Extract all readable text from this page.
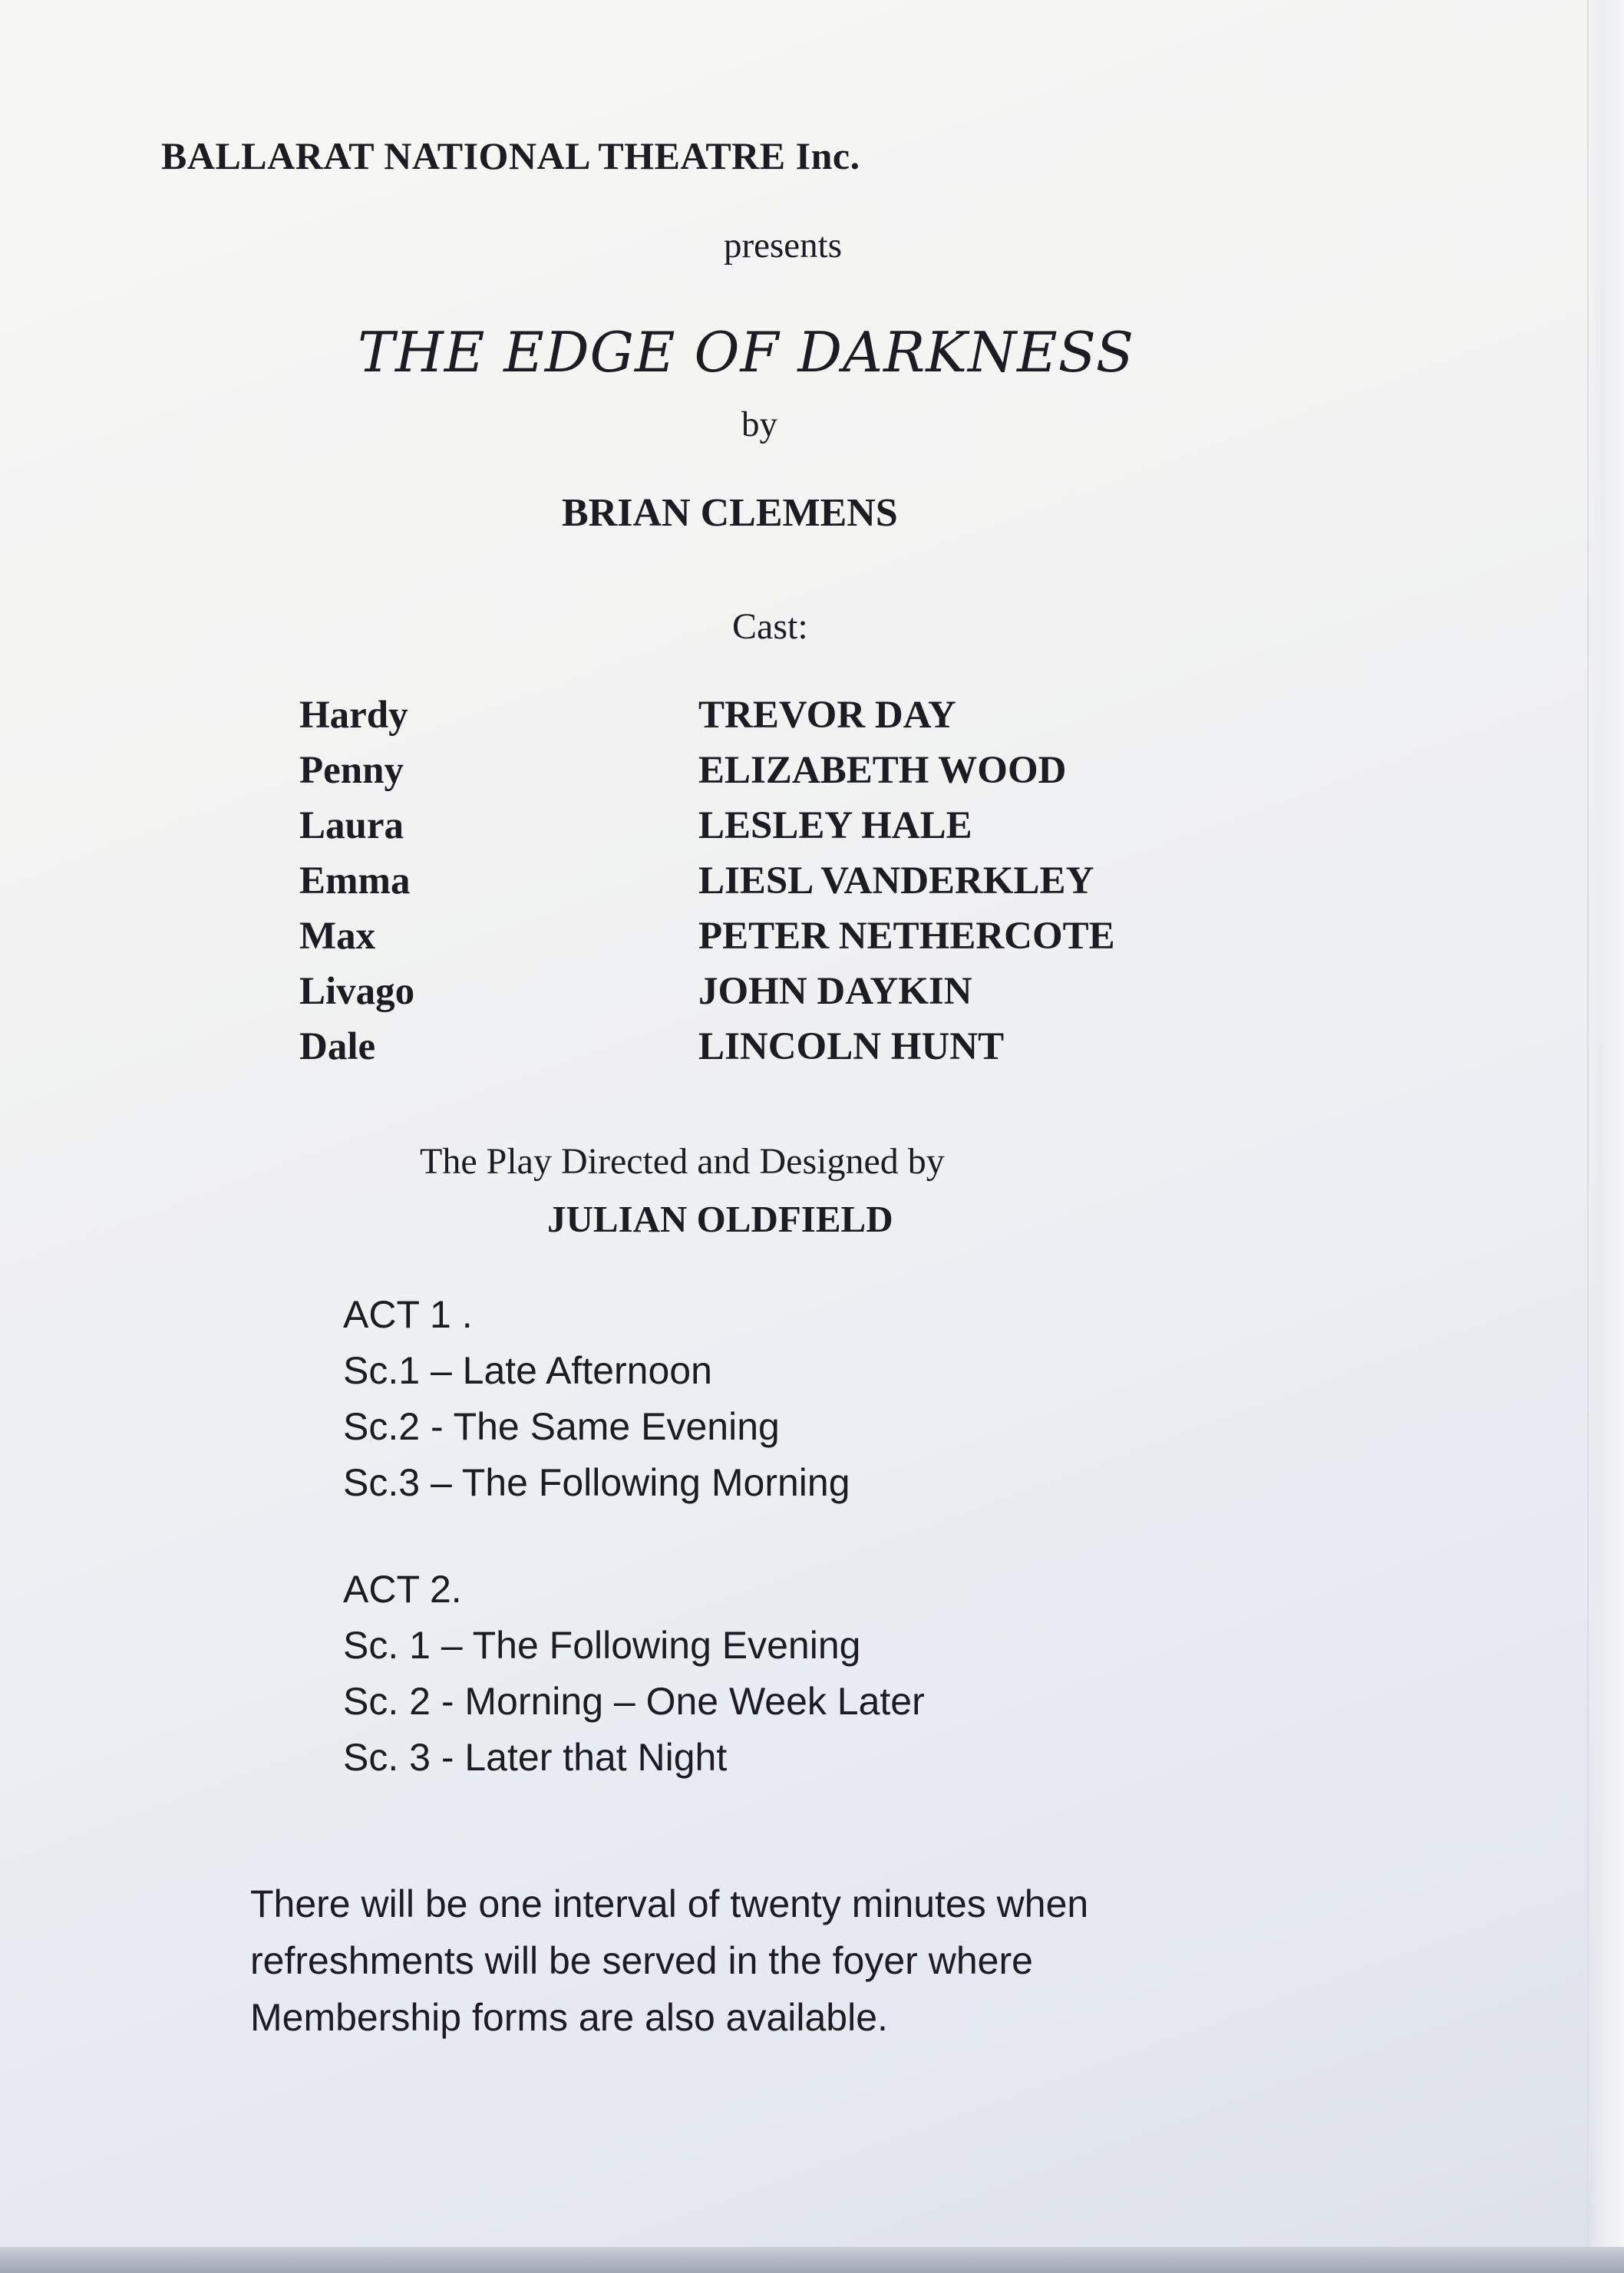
BALLARAT NATIONAL THEATRE Inc.
presents
THE EDGE OF DARKNESS
by
BRIAN CLEMENS
Cast:
Hardy	TREVOR DAY
Penny	ELIZABETH WOOD
Laura	LESLEY HALE
Emma	LIESL VANDERKLEY
Max	PETER NETHERCOTE
Livago	JOHN DAYKIN
Dale	LINCOLN HUNT
The Play Directed and Designed by
JULIAN OLDFIELD
ACT 1 .
Sc.1 – Late Afternoon
Sc.2 - The Same Evening
Sc.3 – The Following Morning
ACT 2.
Sc. 1 – The Following Evening
Sc. 2 - Morning – One Week Later
Sc. 3 - Later that Night
There will be one interval of twenty minutes when
refreshments will be served in the foyer where
Membership forms are also available.
